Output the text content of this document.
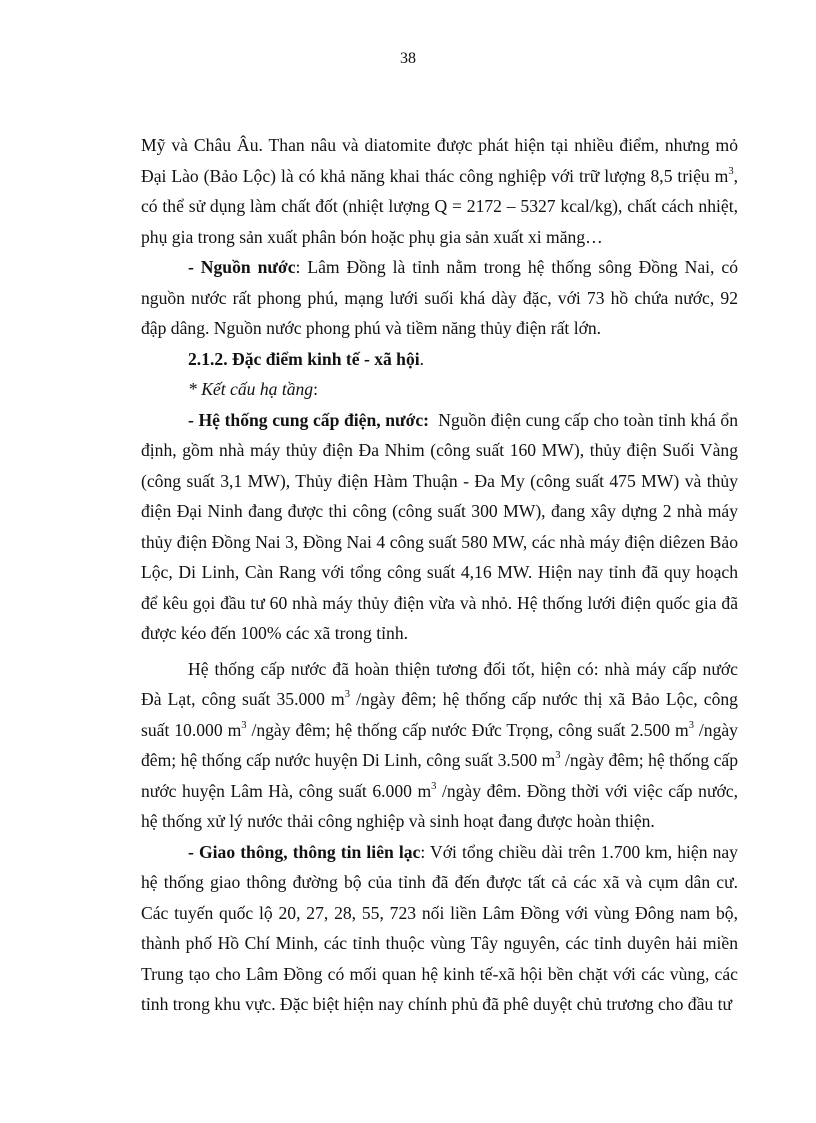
38

Mỹ và Châu Âu. Than nâu và diatomite được phát hiện tại nhiều điểm, nhưng mỏ Đại Lào (Bảo Lộc) là có khả năng khai thác công nghiệp với trữ lượng 8,5 triệu $m^3$, có thể sử dụng làm chất đốt (nhiệt lượng Q = 2172 – 5327 kcal/kg), chất cách nhiệt, phụ gia trong sản xuất phân bón hoặc phụ gia sản xuất xi măng…

- Nguồn nước: Lâm Đồng là tỉnh nằm trong hệ thống sông Đồng Nai, có nguồn nước rất phong phú, mạng lưới suối khá dày đặc, với 73 hồ chứa nước, 92 đập dâng. Nguồn nước phong phú và tiềm năng thủy điện rất lớn.

2.1.2. Đặc điểm kinh tế - xã hội.

* Kết cấu hạ tầng:

- Hệ thống cung cấp điện, nước:  Nguồn điện cung cấp cho toàn tỉnh khá ổn định, gồm nhà máy thủy điện Đa Nhim (công suất 160 MW), thủy điện Suối Vàng (công suất 3,1 MW), Thủy điện Hàm Thuận - Đa My (công suất 475 MW) và thủy điện Đại Ninh đang được thi công (công suất 300 MW), đang xây dựng 2 nhà máy thủy điện Đồng Nai 3, Đồng Nai 4 công suất 580 MW, các nhà máy điện diêzen Bảo Lộc, Di Linh, Càn Rang với tổng công suất 4,16 MW. Hiện nay tỉnh đã quy hoạch để kêu gọi đầu tư 60 nhà máy thủy điện vừa và nhỏ. Hệ thống lưới điện quốc gia đã được kéo đến 100% các xã trong tỉnh.

Hệ thống cấp nước đã hoàn thiện tương đối tốt, hiện có: nhà máy cấp nước Đà Lạt, công suất 35.000 $m^3$ /ngày đêm; hệ thống cấp nước thị xã Bảo Lộc, công suất 10.000 $m^3$ /ngày đêm; hệ thống cấp nước Đức Trọng, công suất 2.500 $m^3$ /ngày đêm; hệ thống cấp nước huyện Di Linh, công suất 3.500 $m^3$ /ngày đêm; hệ thống cấp nước huyện Lâm Hà, công suất 6.000 $m^3$ /ngày đêm. Đồng thời với việc cấp nước, hệ thống xử lý nước thải công nghiệp và sinh hoạt đang được hoàn thiện.

- Giao thông, thông tin liên lạc: Với tổng chiều dài trên 1.700 km, hiện nay hệ thống giao thông đường bộ của tỉnh đã đến được tất cả các xã và cụm dân cư. Các tuyến quốc lộ 20, 27, 28, 55, 723 nối liền Lâm Đồng với vùng Đông nam bộ, thành phố Hồ Chí Minh, các tỉnh thuộc vùng Tây nguyên, các tỉnh duyên hải miền Trung tạo cho Lâm Đồng có mối quan hệ kinh tế-xã hội bền chặt với các vùng, các tỉnh trong khu vực. Đặc biệt hiện nay chính phủ đã phê duyệt chủ trương cho đầu tư
